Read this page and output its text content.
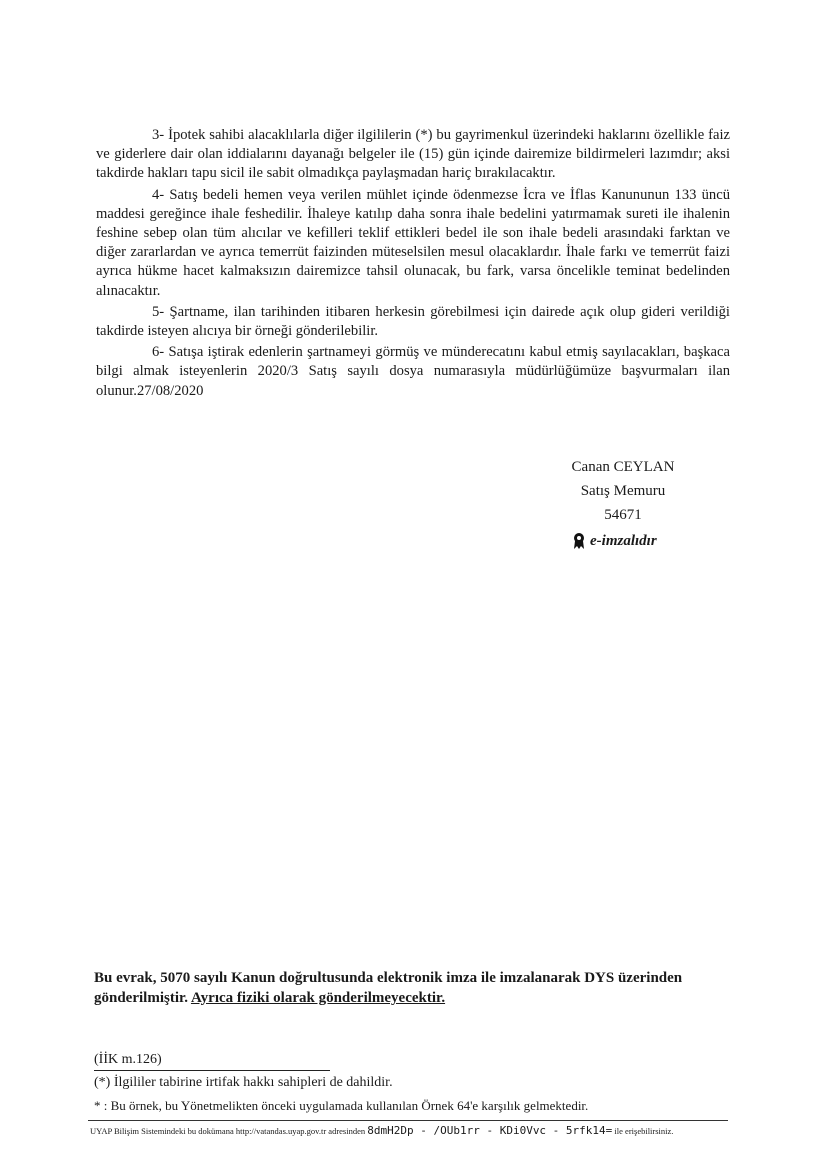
3- İpotek sahibi alacaklılarla diğer ilgililerin (*) bu gayrimenkul üzerindeki haklarını özellikle faiz ve giderlere dair olan iddialarını dayanağı belgeler ile (15) gün içinde dairemize bildirmeleri lazımdır; aksi takdirde hakları tapu sicil ile sabit olmadıkça paylaşmadan hariç bırakılacaktır.

4- Satış bedeli hemen veya verilen mühlet içinde ödenmezse İcra ve İflas Kanununun 133 üncü maddesi gereğince ihale feshedilir. İhaleye katılıp daha sonra ihale bedelini yatırmamak sureti ile ihalenin feshine sebep olan tüm alıcılar ve kefilleri teklif ettikleri bedel ile son ihale bedeli arasındaki farktan ve diğer zararlardan ve ayrıca temerrüt faizinden müteselsilen mesul olacaklardır. İhale farkı ve temerrüt faizi ayrıca hükme hacet kalmaksızın dairemizce tahsil olunacak, bu fark, varsa öncelikle teminat bedelinden alınacaktır.

5- Şartname, ilan tarihinden itibaren herkesin görebilmesi için dairede açık olup gideri verildiği takdirde isteyen alıcıya bir örneği gönderilebilir.

6- Satışa iştirak edenlerin şartnameyi görmüş ve münderecatını kabul etmiş sayılacakları, başkaca bilgi almak isteyenlerin 2020/3 Satış sayılı dosya numarasıyla müdürlüğümüze başvurmaları ilan olunur.27/08/2020

Canan CEYLAN
Satış Memuru
54671
e-imzalıdır
Bu evrak, 5070 sayılı Kanun doğrultusunda elektronik imza ile imzalanarak DYS üzerinden gönderilmiştir. Ayrıca fiziki olarak gönderilmeyecektir.
(İİK m.126)
(*) İlgililer tabirine irtifak hakkı sahipleri de dahildir.
* : Bu örnek, bu Yönetmelikten önceki uygulamada kullanılan Örnek 64'e karşılık gelmektedir.
UYAP Bilişim Sistemindeki bu dokümana http://vatandas.uyap.gov.tr adresinden 8dmH2Dp - /OUb1rr - KDi0Vvc - 5rfk14= ile erişebilirsiniz.
